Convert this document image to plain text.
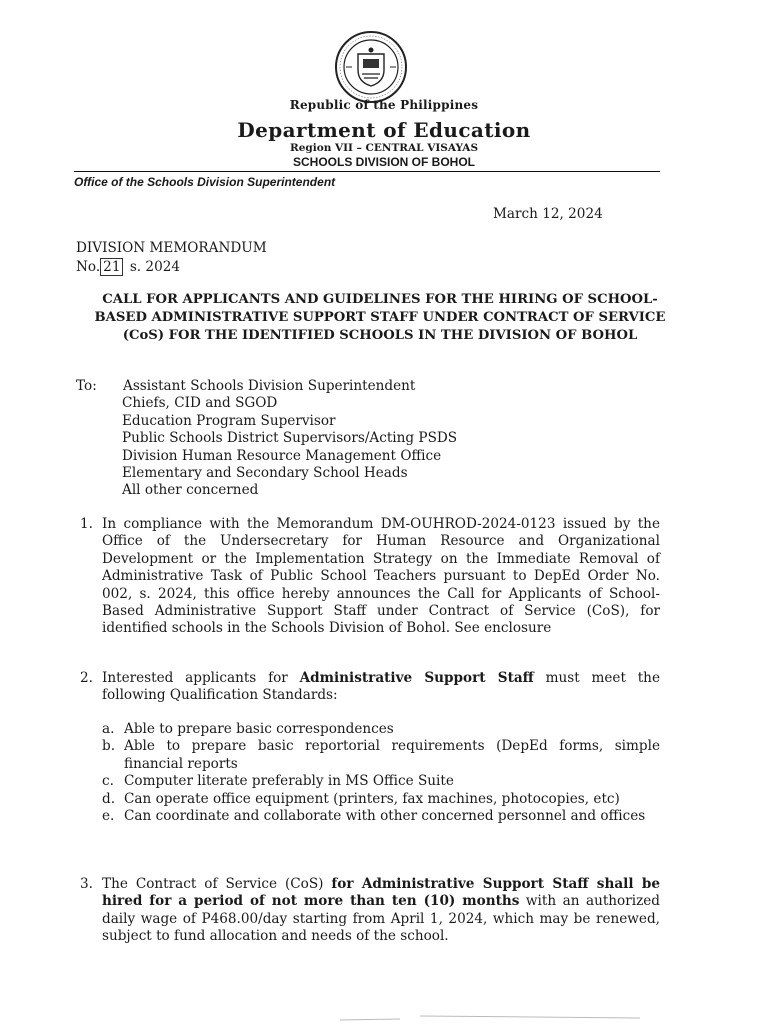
Republic of the Philippines
Department of Education
Region VII – CENTRAL VISAYAS
SCHOOLS DIVISION OF BOHOL
Office of the Schools Division Superintendent
March 12, 2024
DIVISION MEMORANDUM
No. 21 s. 2024
CALL FOR APPLICANTS AND GUIDELINES FOR THE HIRING OF SCHOOL-BASED ADMINISTRATIVE SUPPORT STAFF UNDER CONTRACT OF SERVICE (CoS) FOR THE IDENTIFIED SCHOOLS IN THE DIVISION OF BOHOL
To: Assistant Schools Division Superintendent
Chiefs, CID and SGOD
Education Program Supervisor
Public Schools District Supervisors/Acting PSDS
Division Human Resource Management Office
Elementary and Secondary School Heads
All other concerned
1. In compliance with the Memorandum DM-OUHROD-2024-0123 issued by the Office of the Undersecretary for Human Resource and Organizational Development or the Implementation Strategy on the Immediate Removal of Administrative Task of Public School Teachers pursuant to DepEd Order No. 002, s. 2024, this office hereby announces the Call for Applicants of School-Based Administrative Support Staff under Contract of Service (CoS), for identified schools in the Schools Division of Bohol. See enclosure
2. Interested applicants for Administrative Support Staff must meet the following Qualification Standards:
a. Able to prepare basic correspondences
b. Able to prepare basic reportorial requirements (DepEd forms, simple financial reports
c. Computer literate preferably in MS Office Suite
d. Can operate office equipment (printers, fax machines, photocopies, etc)
e. Can coordinate and collaborate with other concerned personnel and offices
3. The Contract of Service (CoS) for Administrative Support Staff shall be hired for a period of not more than ten (10) months with an authorized daily wage of P468.00/day starting from April 1, 2024, which may be renewed, subject to fund allocation and needs of the school.
